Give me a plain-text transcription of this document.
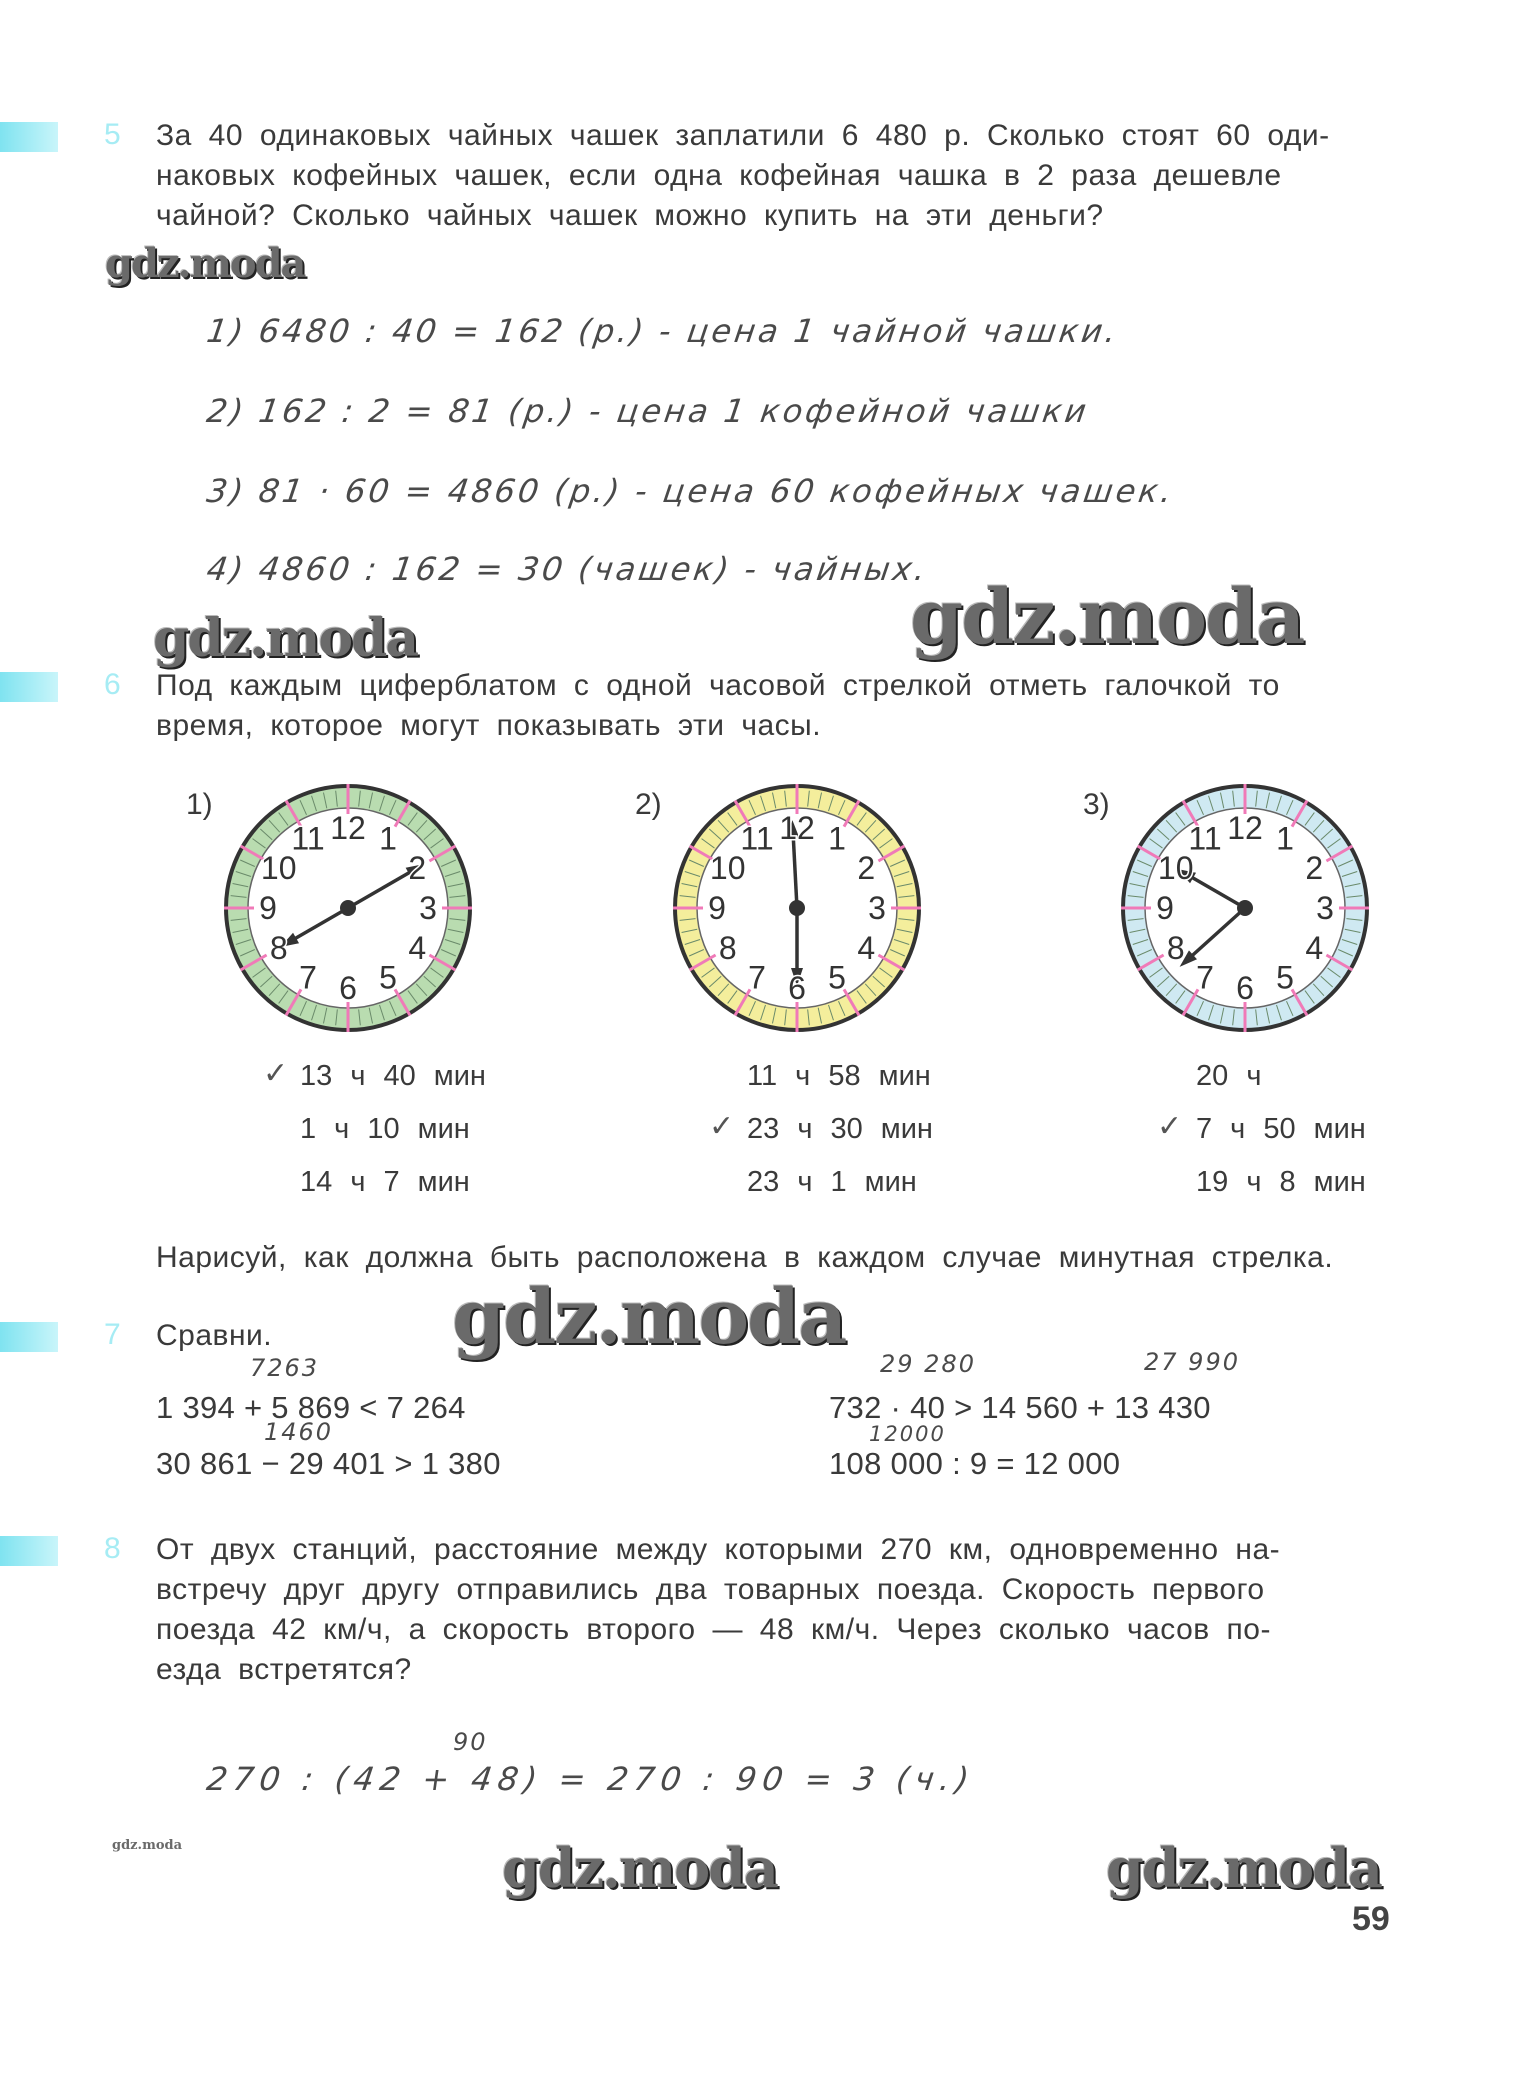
5 За 40 одинаковых чайных чашек заплатили 6 480 р. Сколько стоят 60 оди-
наковых кофейных чашек, если одна кофейная чашка в 2 раза дешевле
чайной? Сколько чайных чашек можно купить на эти деньги?
gdz.moda
1) 6480 : 40 = 162 (р.) - цена 1 чайной чашки.
2) 162 : 2 = 81 (р.) - цена 1 кофейной чашки
3) 81 · 60 = 4860 (р.) - цена 60 кофейных чашек.
4) 4860 : 162 = 30 (чашек) - чайных.
gdz.moda	gdz.moda
6 Под каждым циферблатом с одной часовой стрелкой отметь галочкой то
время, которое могут показывать эти часы.
1)
12 1
2
3
4
5
6
7
8
9
10
11
13 ч 40 мин
✓
1 ч 10 мин
14 ч 7 мин
2)
12 1
2
3
4
5
6
7
8
9
10
11
11 ч 58 мин
23 ч 30 мин
✓
23 ч 1 мин
3)
12 1
2
3
4
5
6
7
8
9
10
11
20 ч
7 ч 50 мин
✓
19 ч 8 мин
Нарисуй, как должна быть расположена в каждом случае минутная стрелка.
7 Сравни.	gdz.moda
7263
1 394 + 5 869 < 7 264
1460
30 861 − 29 401 > 1 380
29 280	27 990
732 · 40 > 14 560 + 13 430
12000
108 000 : 9 = 12 000
8 От двух станций, расстояние между которыми 270 км, одновременно на-
встречу друг другу отправились два товарных поезда. Скорость первого
поезда 42 км/ч, а скорость второго — 48 км/ч. Через сколько часов по-
езда встретятся?
90
270 : (42 + 48) = 270 : 90 = 3 (ч.)
gdz.moda	gdz.moda	gdz.moda
59
